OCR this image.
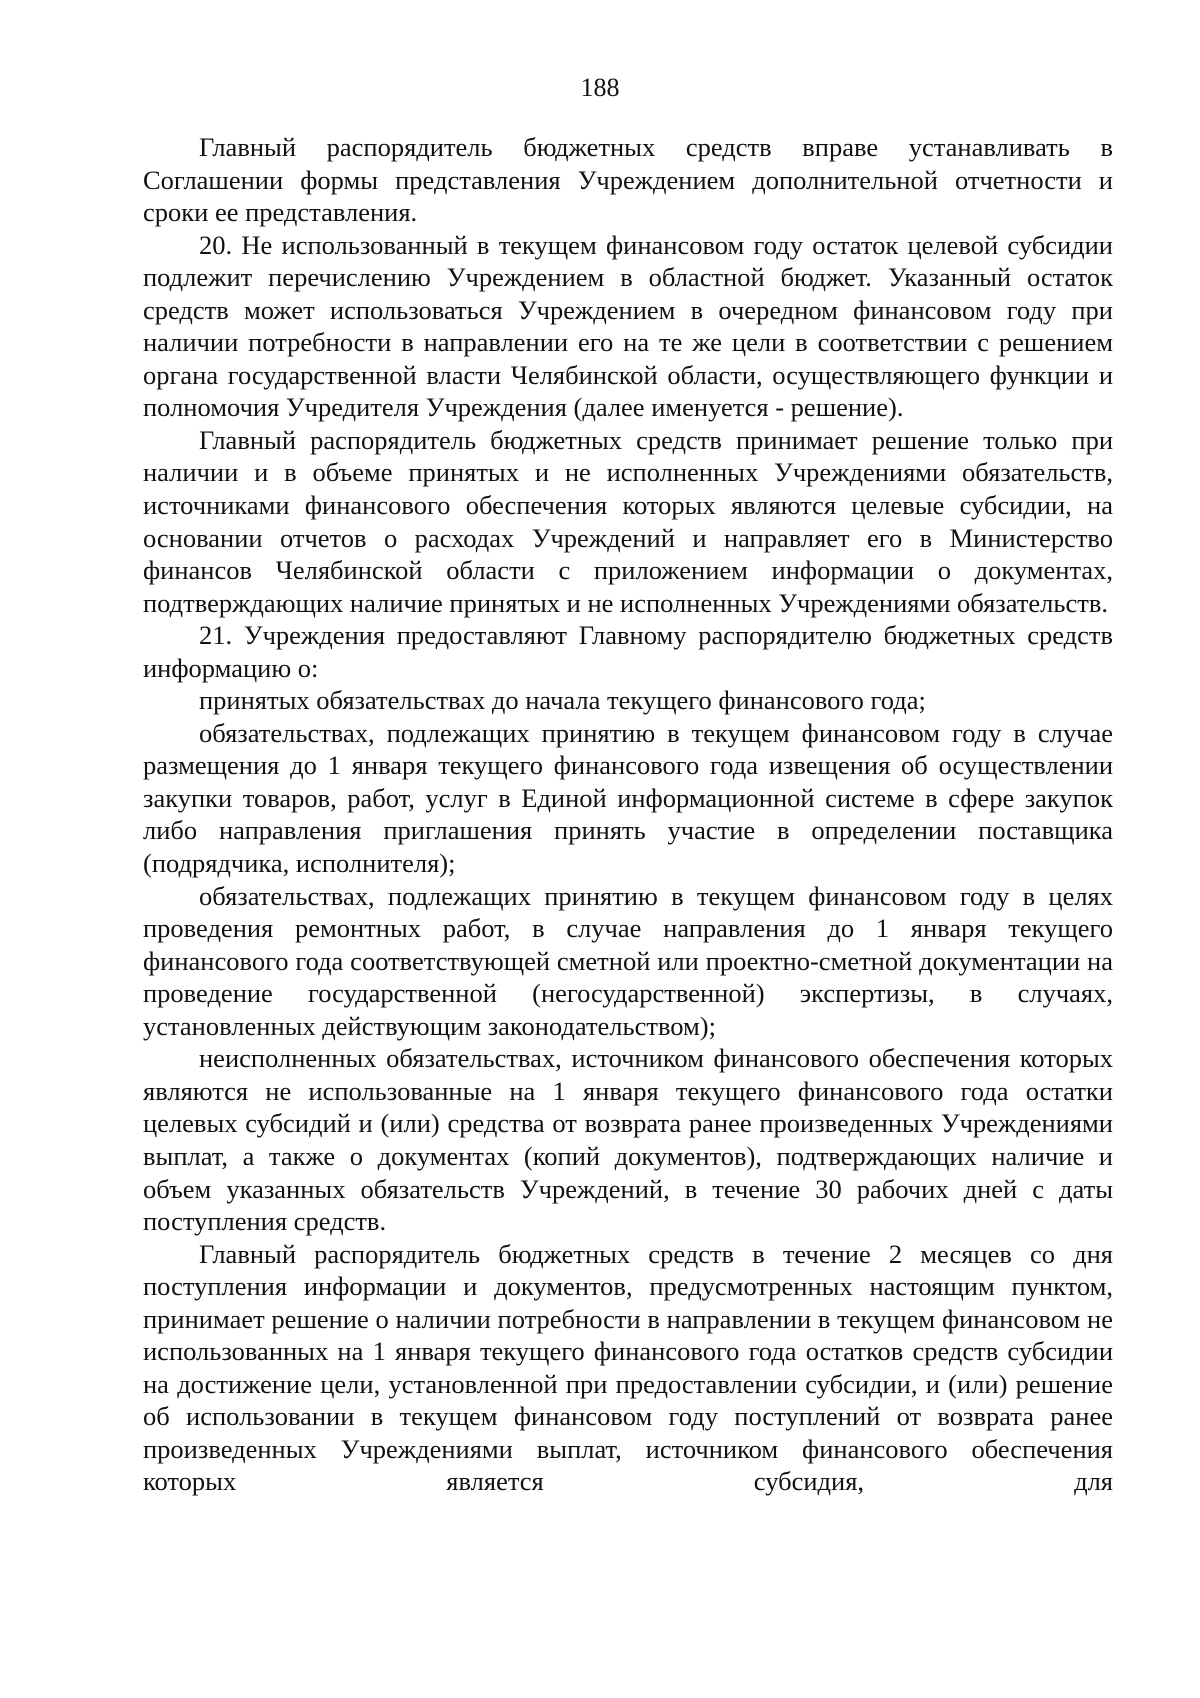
188

Главный распорядитель бюджетных средств вправе устанавливать в Соглашении формы представления Учреждением дополнительной отчетности и сроки ее представления.

20. Не использованный в текущем финансовом году остаток целевой субсидии подлежит перечислению Учреждением в областной бюджет. Указанный остаток средств может использоваться Учреждением в очередном финансовом году при наличии потребности в направлении его на те же цели в соответствии с решением органа государственной власти Челябинской области, осуществляющего функции и полномочия Учредителя Учреждения (далее именуется - решение).

Главный распорядитель бюджетных средств принимает решение только при наличии и в объеме принятых и не исполненных Учреждениями обязательств, источниками финансового обеспечения которых являются целевые субсидии, на основании отчетов о расходах Учреждений и направляет его в Министерство финансов Челябинской области с приложением информации о документах, подтверждающих наличие принятых и не исполненных Учреждениями обязательств.

21. Учреждения предоставляют Главному распорядителю бюджетных средств информацию о:

принятых обязательствах до начала текущего финансового года;

обязательствах, подлежащих принятию в текущем финансовом году в случае размещения до 1 января текущего финансового года извещения об осуществлении закупки товаров, работ, услуг в Единой информационной системе в сфере закупок либо направления приглашения принять участие в определении поставщика (подрядчика, исполнителя);

обязательствах, подлежащих принятию в текущем финансовом году в целях проведения ремонтных работ, в случае направления до 1 января текущего финансового года соответствующей сметной или проектно-сметной документации на проведение государственной (негосударственной) экспертизы, в случаях, установленных действующим законодательством);

неисполненных обязательствах, источником финансового обеспечения которых являются не использованные на 1 января текущего финансового года остатки целевых субсидий и (или) средства от возврата ранее произведенных Учреждениями выплат, а также о документах (копий документов), подтверждающих наличие и объем указанных обязательств Учреждений, в течение 30 рабочих дней с даты поступления средств.

Главный распорядитель бюджетных средств в течение 2 месяцев со дня поступления информации и документов, предусмотренных настоящим пунктом, принимает решение о наличии потребности в направлении в текущем финансовом не использованных на 1 января текущего финансового года остатков средств субсидии на достижение цели, установленной при предоставлении субсидии, и (или) решение об использовании в текущем финансовом году поступлений от возврата ранее произведенных Учреждениями выплат, источником финансового обеспечения которых является субсидия, для
